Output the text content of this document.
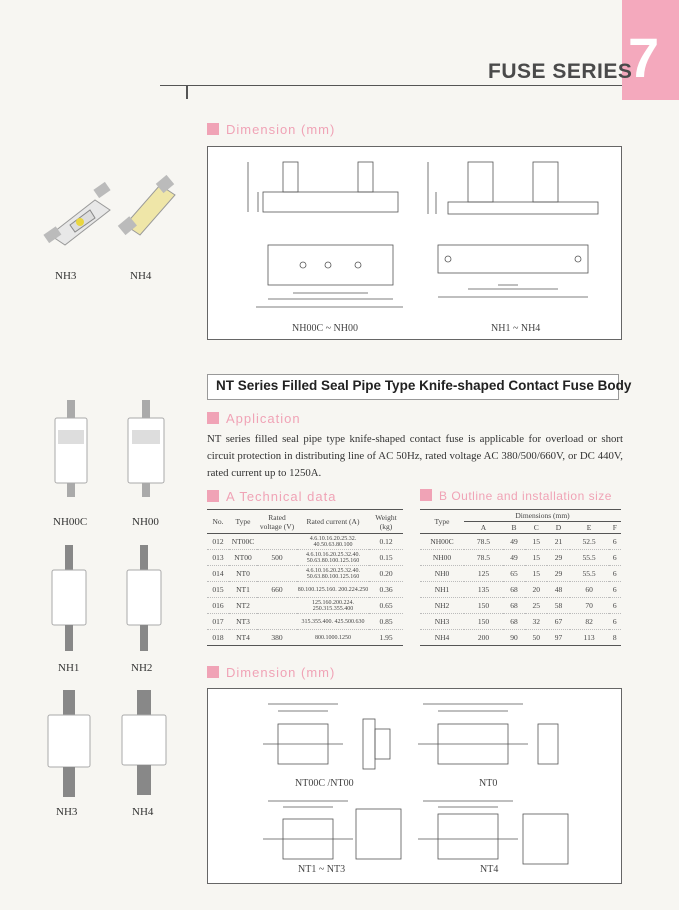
7
FUSE SERIES
NH3	NH4
NH00C	NH00
NH1	NH2
NH3	NH4
Dimension (mm)
NH00C ~ NH00	NH1 ~ NH4
NT Series Filled Seal Pipe Type Knife-shaped Contact Fuse Body
Application
NT series filled seal pipe type knife-shaped contact fuse is applicable for overload or short circuit protection in distributing line of AC 50Hz, rated voltage AC 380/500/660V, or DC 440V, rated current up to 1250A.
A Technical data	B Outline and installation size
No.	Type	Rated voltage (V)	Rated current (A)	Weight (kg)
012	NT00C		4.6.10.16.20.25.32. 40.50.63.80.100	0.12
013	NT00	500	4.6.10.16.20.25.32.40. 50.63.80.100.125.160	0.15
014	NT0		4.6.10.16.20.25.32.40. 50.63.80.100.125.160	0.20
015	NT1	660	80.100.125.160. 200.224.250	0.36
016	NT2		125.160.200.224. 250.315.355.400	0.65
017	NT3		315.355.400. 425.500.630	0.85
018	NT4	380	800.1000.1250	1.95
Type	Dimensions (mm)					
	A	B	C	D	E	F
NH00C	78.5	49	15	21	52.5	6
NH00	78.5	49	15	29	55.5	6
NH0	125	65	15	29	55.5	6
NH1	135	68	20	48	60	6
NH2	150	68	25	58	70	6
NH3	150	68	32	67	82	6
NH4	200	90	50	97	113	8
Dimension (mm)
NT00C /NT00	NT0
NT1 ~ NT3	NT4
